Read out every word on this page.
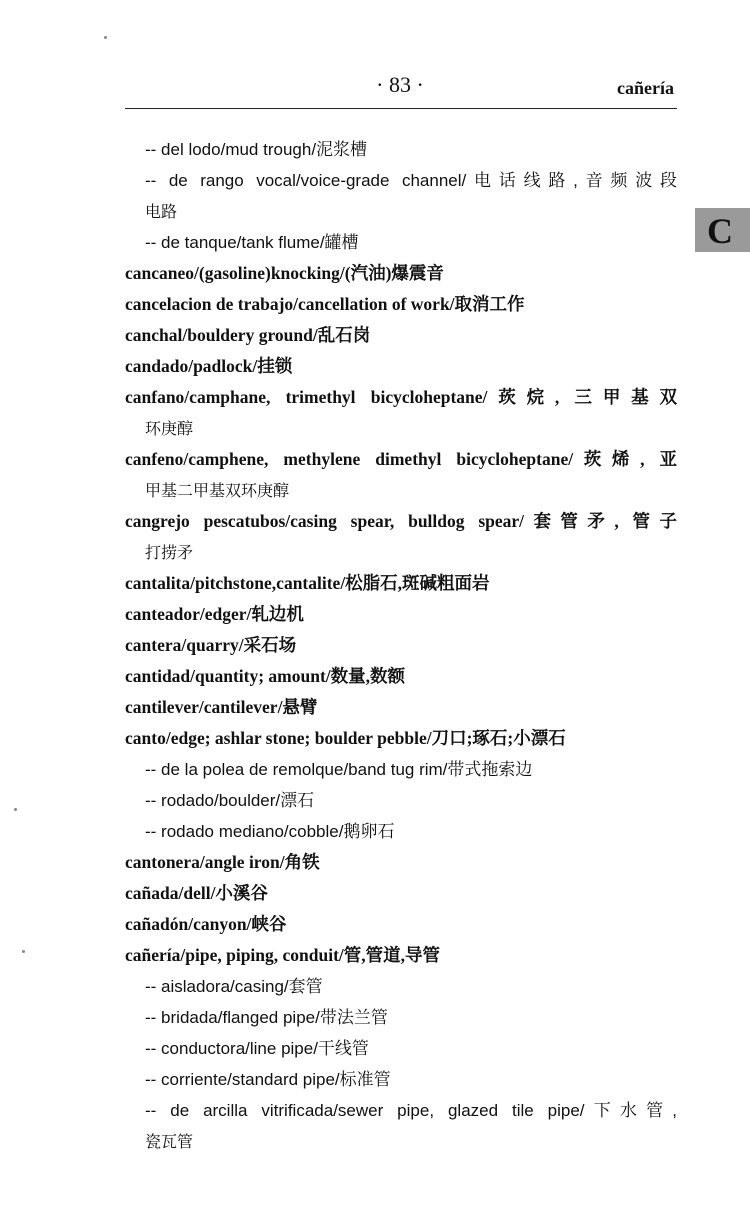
· 83 ·	cañería
C
-- del lodo/mud trough/泥浆槽
-- de rango vocal/voice-grade channel/电话线路,音频波段
电路
-- de tanque/tank flume/罐槽
cancaneo/(gasoline)knocking/(汽油)爆震音
cancelacion de trabajo/cancellation of work/取消工作
canchal/bouldery ground/乱石岗
candado/padlock/挂锁
canfano/camphane, trimethyl bicycloheptane/莰烷, 三甲基双
环庚醇
canfeno/camphene, methylene dimethyl bicycloheptane/莰烯, 亚
甲基二甲基双环庚醇
cangrejo pescatubos/casing spear, bulldog spear/套管矛, 管子
打捞矛
cantalita/pitchstone,cantalite/松脂石,斑碱粗面岩
canteador/edger/轧边机
cantera/quarry/采石场
cantidad/quantity; amount/数量,数额
cantilever/cantilever/悬臂
canto/edge; ashlar stone; boulder pebble/刀口;琢石;小漂石
-- de la polea de remolque/band tug rim/带式拖索边
-- rodado/boulder/漂石
-- rodado mediano/cobble/鹅卵石
cantonera/angle iron/角铁
cañada/dell/小溪谷
cañadón/canyon/峡谷
cañería/pipe, piping, conduit/管,管道,导管
-- aisladora/casing/套管
-- bridada/flanged pipe/带法兰管
-- conductora/line pipe/干线管
-- corriente/standard pipe/标准管
-- de arcilla vitrificada/sewer pipe, glazed tile pipe/下水管,
瓷瓦管
